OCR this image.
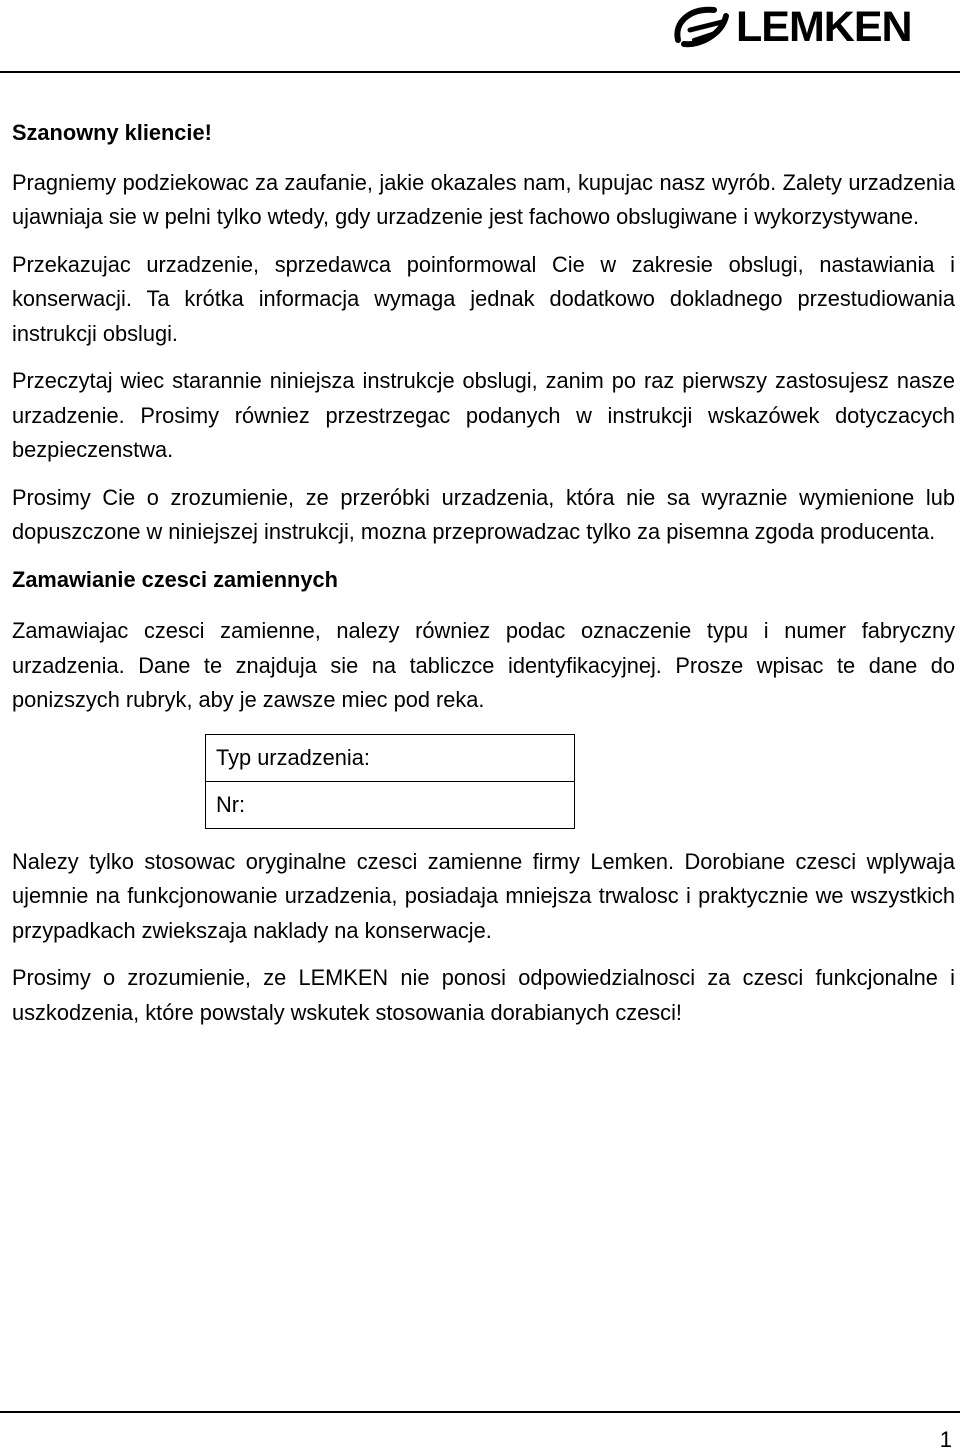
LEMKEN

Szanowny kliencie!

Pragniemy podziekowac za zaufanie, jakie okazales nam, kupujac nasz wyrób. Zalety urzadzenia ujawniaja sie w pelni tylko wtedy, gdy urzadzenie jest fachowo obslugiwane i wykorzystywane.

Przekazujac urzadzenie, sprzedawca poinformowal Cie w zakresie obslugi, nastawiania i konserwacji. Ta krótka informacja wymaga jednak dodatkowo dokladnego przestudiowania instrukcji obslugi.

Przeczytaj wiec starannie niniejsza instrukcje obslugi, zanim po raz pierwszy zastosujesz nasze urzadzenie. Prosimy równiez przestrzegac podanych w instrukcji wskazówek dotyczacych bezpieczenstwa.

Prosimy Cie o zrozumienie, ze przeróbki urzadzenia, która nie sa wyraznie wymienione lub dopuszczone w niniejszej instrukcji, mozna przeprowadzac tylko za pisemna zgoda producenta.

Zamawianie czesci zamiennych

Zamawiajac czesci zamienne, nalezy równiez podac oznaczenie typu i numer fabryczny urzadzenia. Dane te znajduja sie na tabliczce identyfikacyjnej. Prosze wpisac te dane do ponizszych rubryk, aby je zawsze miec pod reka.

Typ urzadzenia:
Nr:

Nalezy tylko stosowac oryginalne czesci zamienne firmy Lemken. Dorobiane czesci wplywaja ujemnie na funkcjonowanie urzadzenia, posiadaja mniejsza trwalosc i praktycznie we wszystkich przypadkach zwiekszaja naklady na konserwacje.

Prosimy o zrozumienie, ze LEMKEN nie ponosi odpowiedzialnosci za czesci funkcjonalne i uszkodzenia, które powstaly wskutek stosowania dorabianych czesci!

1
